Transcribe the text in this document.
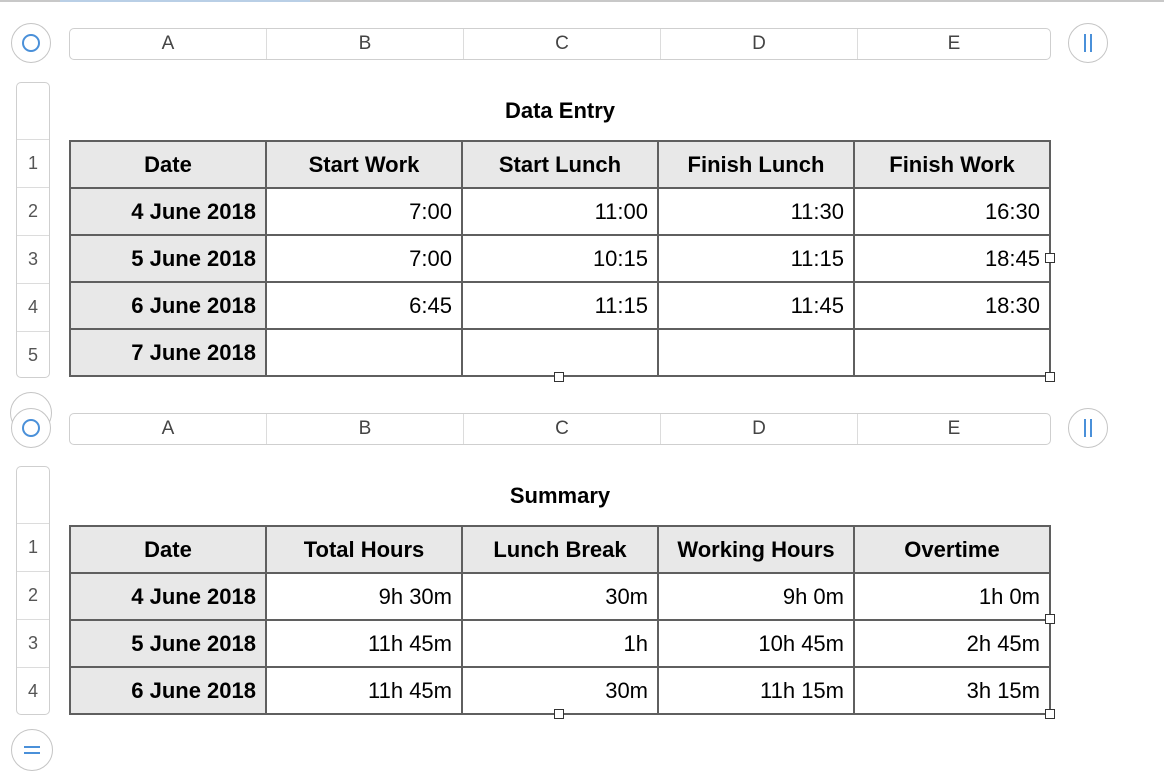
A	B	C	D	E
1
2
3
4
5
Data Entry
Date	Start Work	Start Lunch	Finish Lunch	Finish Work
4 June 2018	7:00	11:00	11:30	16:30
5 June 2018	7:00	10:15	11:15	18:45
6 June 2018	6:45	11:15	11:45	18:30
7 June 2018				
A	B	C	D	E
1
2
3
4
Summary
Date	Total Hours	Lunch Break	Working Hours	Overtime
4 June 2018	9h 30m	30m	9h 0m	1h 0m
5 June 2018	11h 45m	1h	10h 45m	2h 45m
6 June 2018	11h 45m	30m	11h 15m	3h 15m
